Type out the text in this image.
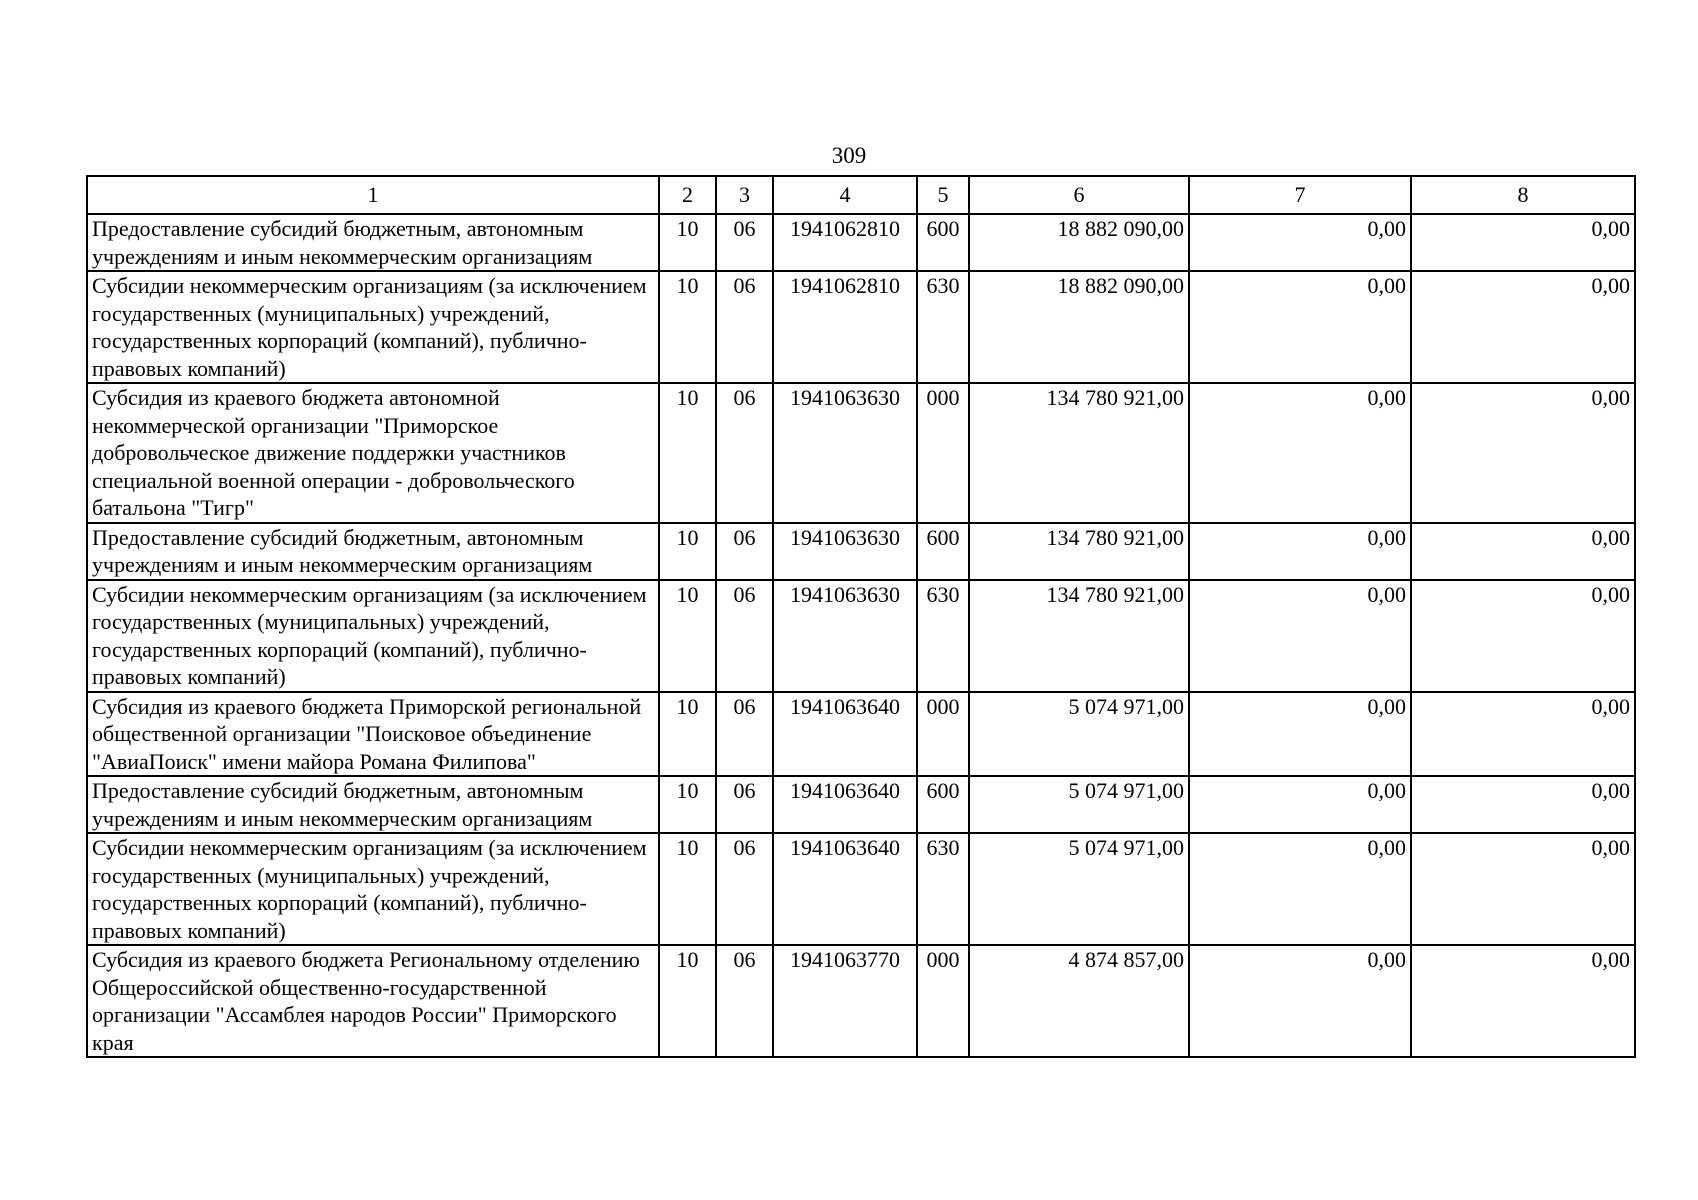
309
1	2	3	4	5	6	7	8
Предоставление субсидий бюджетным, автономным учреждениям и иным некоммерческим организациям	10	06	1941062810	600	18 882 090,00	0,00	0,00
Субсидии некоммерческим организациям (за исключением государственных (муниципальных) учреждений, государственных корпораций (компаний), публично-правовых компаний)	10	06	1941062810	630	18 882 090,00	0,00	0,00
Субсидия из краевого бюджета автономной некоммерческой организации "Приморское добровольческое движение поддержки участников специальной военной операции - добровольческого батальона "Тигр"	10	06	1941063630	000	134 780 921,00	0,00	0,00
Предоставление субсидий бюджетным, автономным учреждениям и иным некоммерческим организациям	10	06	1941063630	600	134 780 921,00	0,00	0,00
Субсидии некоммерческим организациям (за исключением государственных (муниципальных) учреждений, государственных корпораций (компаний), публично-правовых компаний)	10	06	1941063630	630	134 780 921,00	0,00	0,00
Субсидия из краевого бюджета Приморской региональной общественной организации "Поисковое объединение "АвиаПоиск" имени майора Романа Филипова"	10	06	1941063640	000	5 074 971,00	0,00	0,00
Предоставление субсидий бюджетным, автономным учреждениям и иным некоммерческим организациям	10	06	1941063640	600	5 074 971,00	0,00	0,00
Субсидии некоммерческим организациям (за исключением государственных (муниципальных) учреждений, государственных корпораций (компаний), публично-правовых компаний)	10	06	1941063640	630	5 074 971,00	0,00	0,00
Субсидия из краевого бюджета Региональному отделению Общероссийской общественно-государственной организации "Ассамблея народов России" Приморского края	10	06	1941063770	000	4 874 857,00	0,00	0,00
